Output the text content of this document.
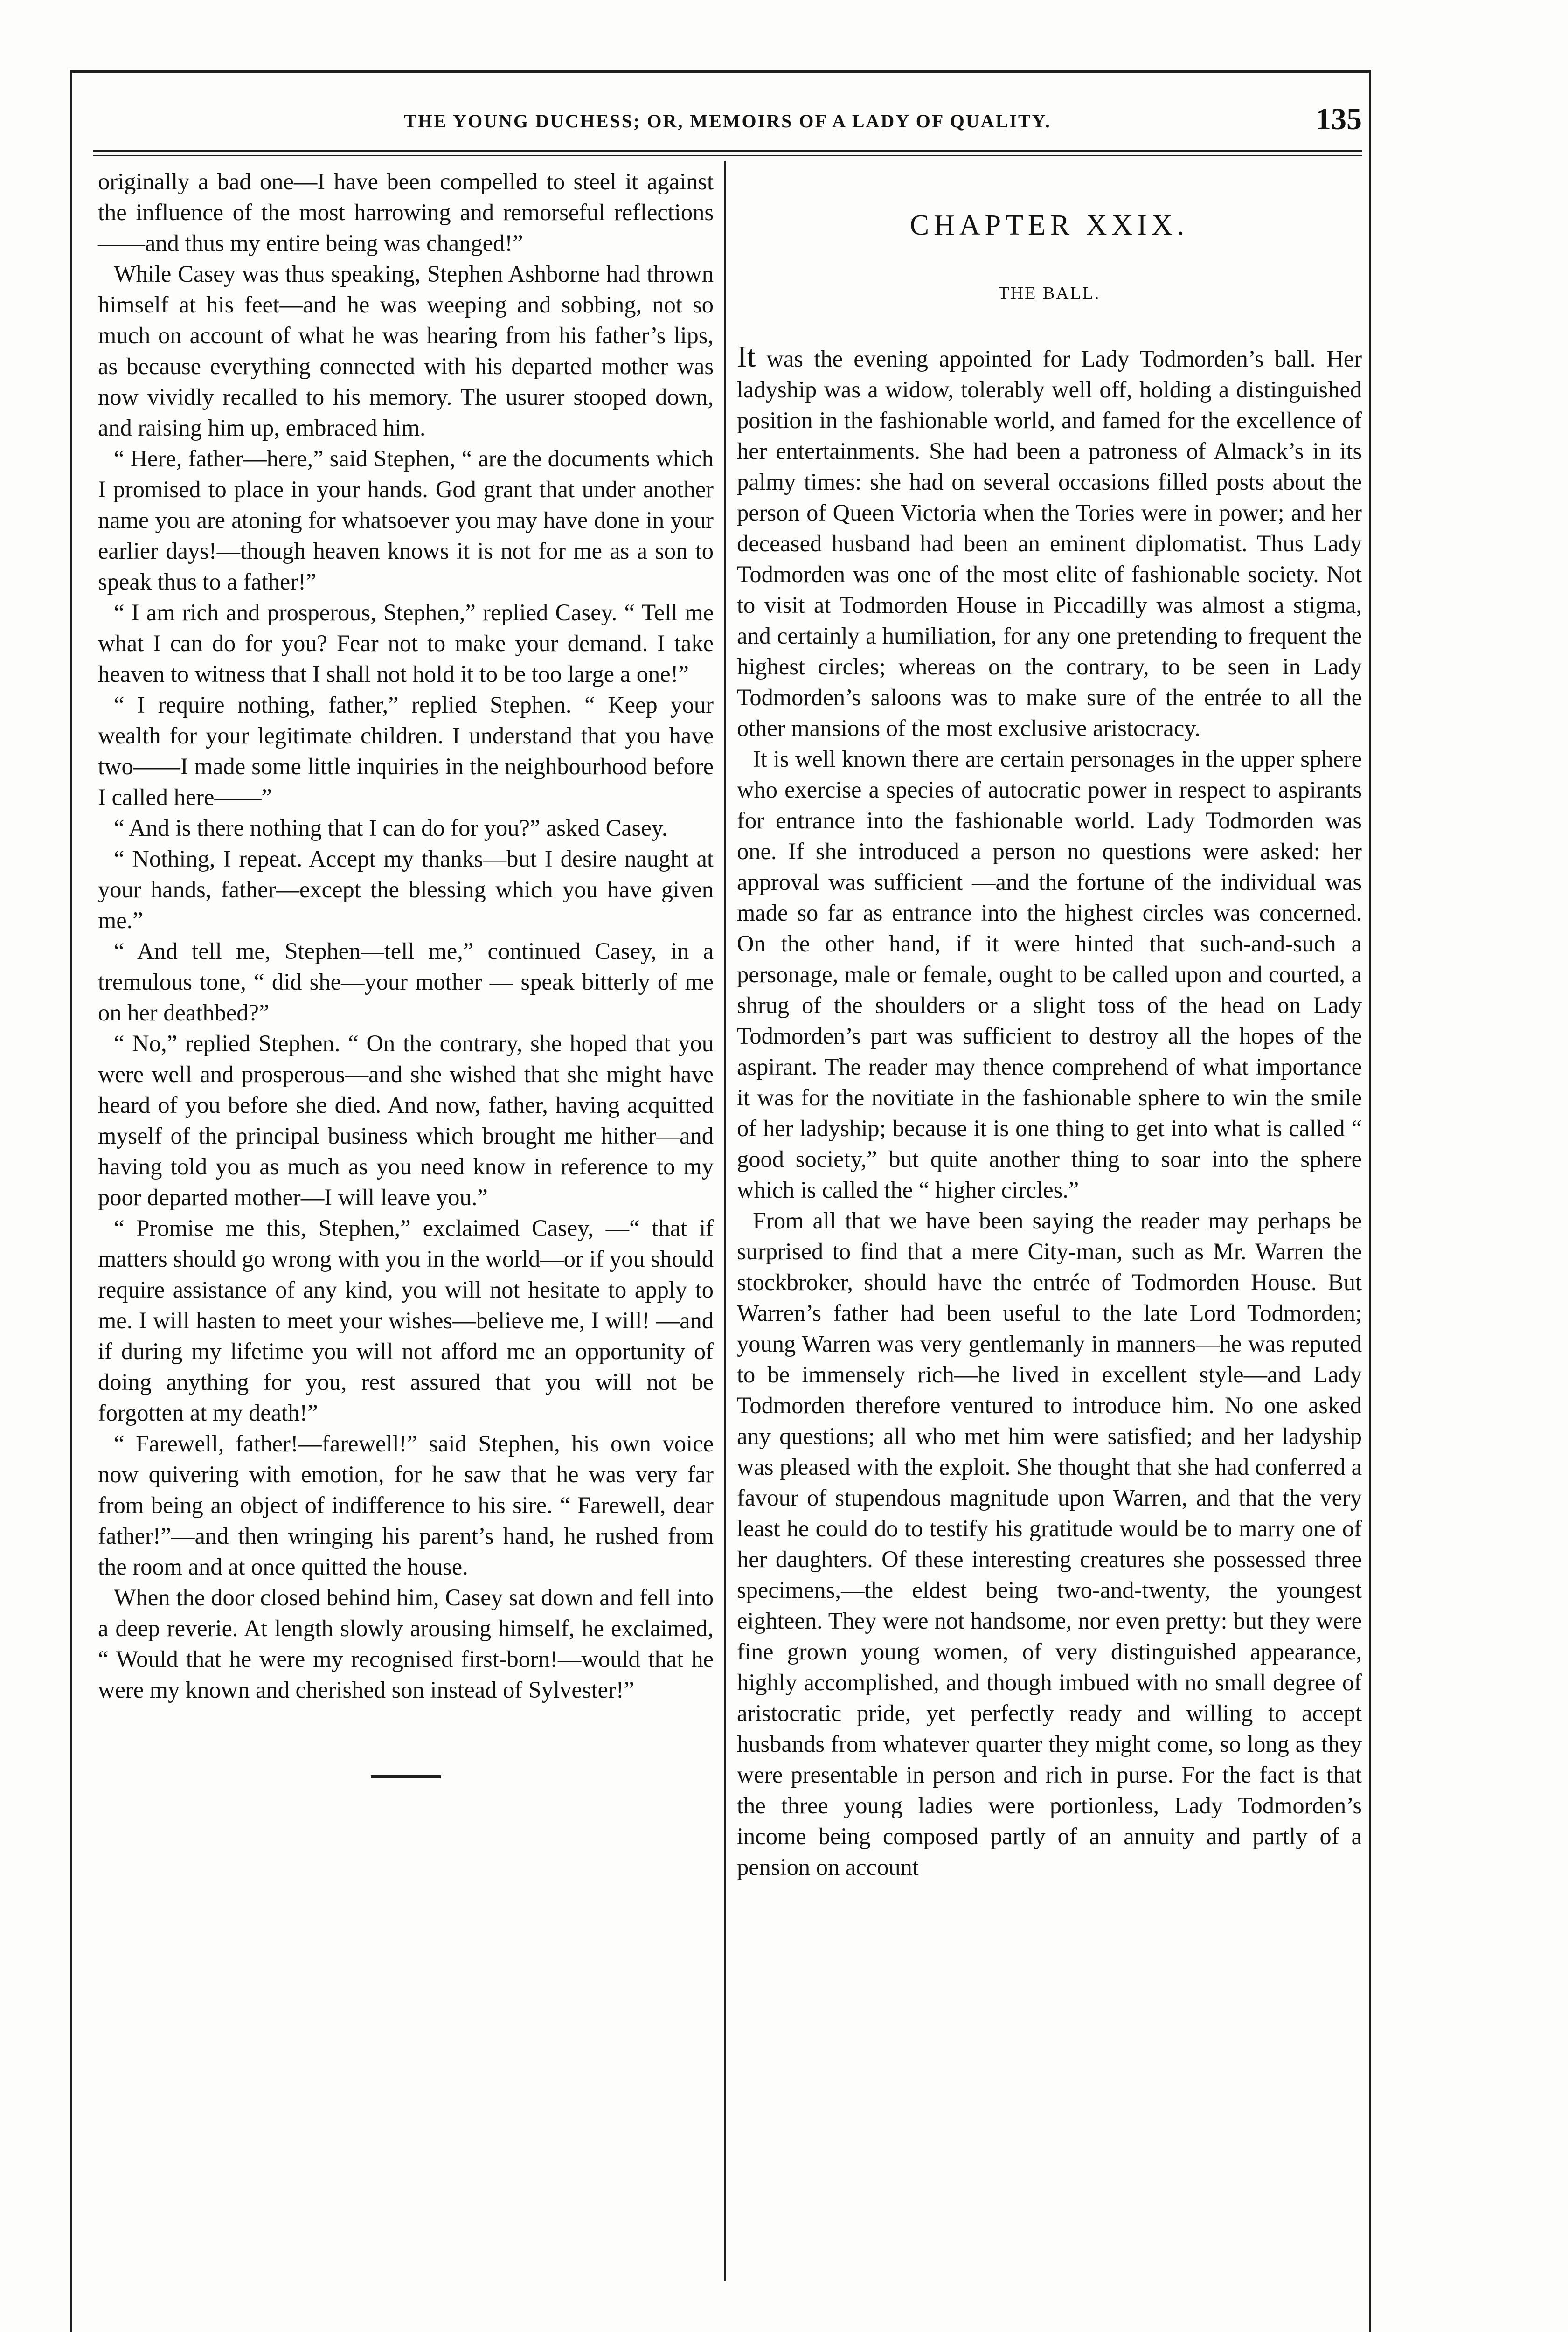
THE YOUNG DUCHESS; OR, MEMOIRS OF A LADY OF QUALITY.	135

originally a bad one—I have been compelled to steel it against the influence of the most harrowing and remorseful reflections——and thus my entire being was changed!”

While Casey was thus speaking, Stephen Ashborne had thrown himself at his feet—and he was weeping and sobbing, not so much on account of what he was hearing from his father’s lips, as because everything connected with his departed mother was now vividly recalled to his memory. The usurer stooped down, and raising him up, embraced him.

“ Here, father—here,” said Stephen, “ are the documents which I promised to place in your hands. God grant that under another name you are atoning for whatsoever you may have done in your earlier days!—though heaven knows it is not for me as a son to speak thus to a father!”

“ I am rich and prosperous, Stephen,” replied Casey. “ Tell me what I can do for you? Fear not to make your demand. I take heaven to witness that I shall not hold it to be too large a one!”

“ I require nothing, father,” replied Stephen. “ Keep your wealth for your legitimate children. I understand that you have two——I made some little inquiries in the neighbourhood before I called here——”

“ And is there nothing that I can do for you?” asked Casey.

“ Nothing, I repeat. Accept my thanks—but I desire naught at your hands, father—except the blessing which you have given me.”

“ And tell me, Stephen—tell me,” continued Casey, in a tremulous tone, “ did she—your mother — speak bitterly of me on her deathbed?”

“ No,” replied Stephen. “ On the contrary, she hoped that you were well and prosperous—and she wished that she might have heard of you before she died. And now, father, having acquitted myself of the principal business which brought me hither—and having told you as much as you need know in reference to my poor departed mother—I will leave you.”

“ Promise me this, Stephen,” exclaimed Casey, —“ that if matters should go wrong with you in the world—or if you should require assistance of any kind, you will not hesitate to apply to me. I will hasten to meet your wishes—believe me, I will! —and if during my lifetime you will not afford me an opportunity of doing anything for you, rest assured that you will not be forgotten at my death!”

“ Farewell, father!—farewell!” said Stephen, his own voice now quivering with emotion, for he saw that he was very far from being an object of indifference to his sire. “ Farewell, dear father!”—and then wringing his parent’s hand, he rushed from the room and at once quitted the house.

When the door closed behind him, Casey sat down and fell into a deep reverie. At length slowly arousing himself, he exclaimed, “ Would that he were my recognised first-born!—would that he were my known and cherished son instead of Sylvester!”

CHAPTER XXIX.
THE BALL.

It was the evening appointed for Lady Todmorden’s ball. Her ladyship was a widow, tolerably well off, holding a distinguished position in the fashionable world, and famed for the excellence of her entertainments. She had been a patroness of Almack’s in its palmy times: she had on several occasions filled posts about the person of Queen Victoria when the Tories were in power; and her deceased husband had been an eminent diplomatist. Thus Lady Todmorden was one of the most elite of fashionable society. Not to visit at Todmorden House in Piccadilly was almost a stigma, and certainly a humiliation, for any one pretending to frequent the highest circles; whereas on the contrary, to be seen in Lady Todmorden’s saloons was to make sure of the entrée to all the other mansions of the most exclusive aristocracy.

It is well known there are certain personages in the upper sphere who exercise a species of autocratic power in respect to aspirants for entrance into the fashionable world. Lady Todmorden was one. If she introduced a person no questions were asked: her approval was sufficient —and the fortune of the individual was made so far as entrance into the highest circles was concerned. On the other hand, if it were hinted that such-and-such a personage, male or female, ought to be called upon and courted, a shrug of the shoulders or a slight toss of the head on Lady Todmorden’s part was sufficient to destroy all the hopes of the aspirant. The reader may thence comprehend of what importance it was for the novitiate in the fashionable sphere to win the smile of her ladyship; because it is one thing to get into what is called “ good society,” but quite another thing to soar into the sphere which is called the “ higher circles.”

From all that we have been saying the reader may perhaps be surprised to find that a mere City-man, such as Mr. Warren the stockbroker, should have the entrée of Todmorden House. But Warren’s father had been useful to the late Lord Todmorden; young Warren was very gentlemanly in manners—he was reputed to be immensely rich—he lived in excellent style—and Lady Todmorden therefore ventured to introduce him. No one asked any questions; all who met him were satisfied; and her ladyship was pleased with the exploit. She thought that she had conferred a favour of stupendous magnitude upon Warren, and that the very least he could do to testify his gratitude would be to marry one of her daughters. Of these interesting creatures she possessed three specimens,—the eldest being two-and-twenty, the youngest eighteen. They were not handsome, nor even pretty: but they were fine grown young women, of very distinguished appearance, highly accomplished, and though imbued with no small degree of aristocratic pride, yet perfectly ready and willing to accept husbands from whatever quarter they might come, so long as they were presentable in person and rich in purse. For the fact is that the three young ladies were portionless, Lady Todmorden’s income being composed partly of an annuity and partly of a pension on account
